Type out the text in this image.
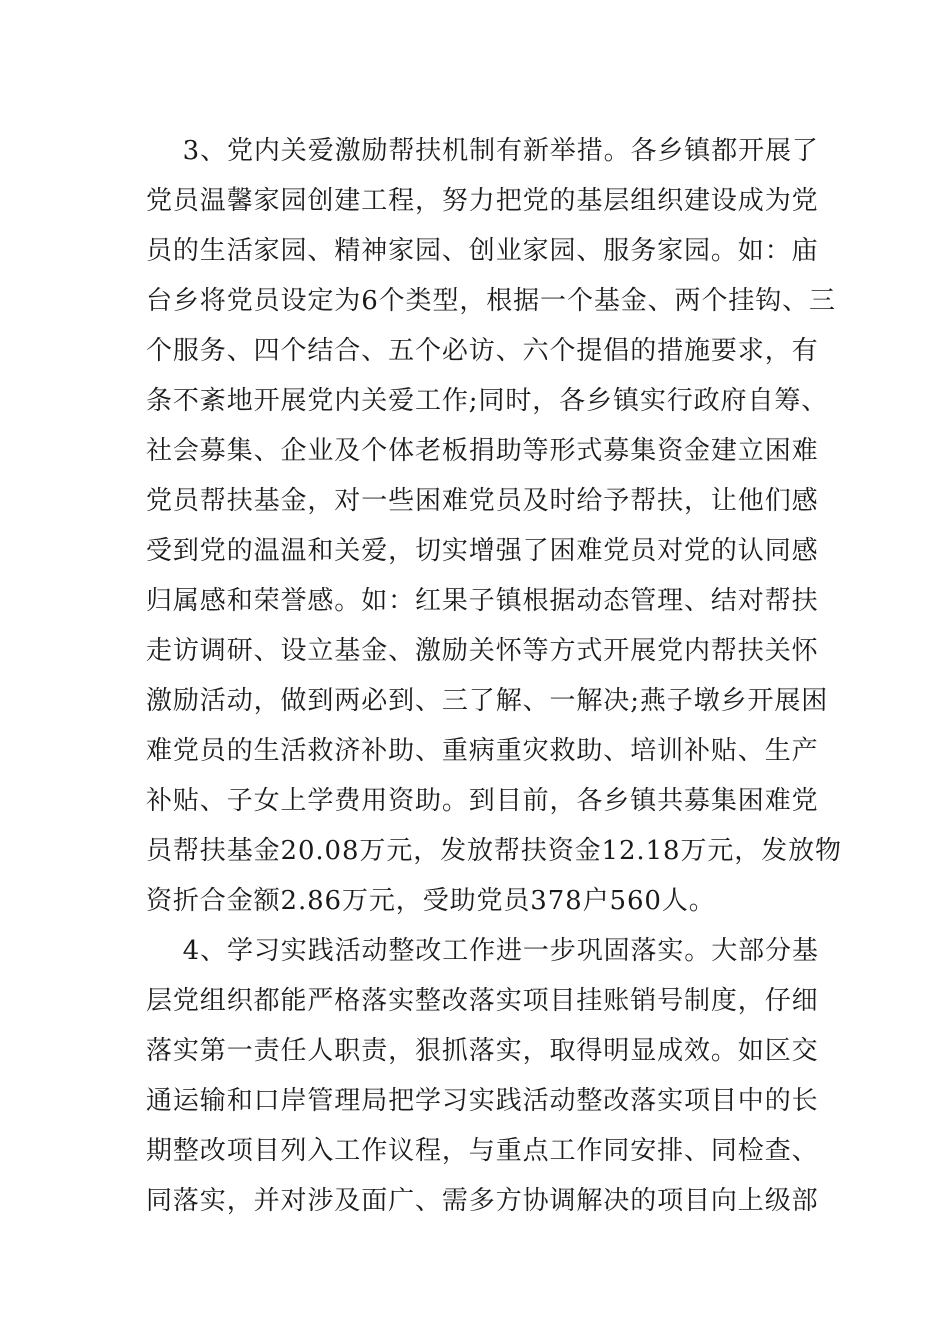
3、党内关爱激励帮扶机制有新举措。各乡镇都开展了
党员温馨家园创建工程，努力把党的基层组织建设成为党
员的生活家园、精神家园、创业家园、服务家园。如：庙
台乡将党员设定为6个类型，根据一个基金、两个挂钩、三
个服务、四个结合、五个必访、六个提倡的措施要求，有
条不紊地开展党内关爱工作;同时，各乡镇实行政府自筹、
社会募集、企业及个体老板捐助等形式募集资金建立困难
党员帮扶基金，对一些困难党员及时给予帮扶，让他们感
受到党的温温和关爱，切实增强了困难党员对党的认同感
归属感和荣誉感。如：红果子镇根据动态管理、结对帮扶
走访调研、设立基金、激励关怀等方式开展党内帮扶关怀
激励活动，做到两必到、三了解、一解决;燕子墩乡开展困
难党员的生活救济补助、重病重灾救助、培训补贴、生产
补贴、子女上学费用资助。到目前，各乡镇共募集困难党
员帮扶基金20.08万元，发放帮扶资金12.18万元，发放物
资折合金额2.86万元，受助党员378户560人。
4、学习实践活动整改工作进一步巩固落实。大部分基
层党组织都能严格落实整改落实项目挂账销号制度，仔细
落实第一责任人职责，狠抓落实，取得明显成效。如区交
通运输和口岸管理局把学习实践活动整改落实项目中的长
期整改项目列入工作议程，与重点工作同安排、同检查、
同落实，并对涉及面广、需多方协调解决的项目向上级部
